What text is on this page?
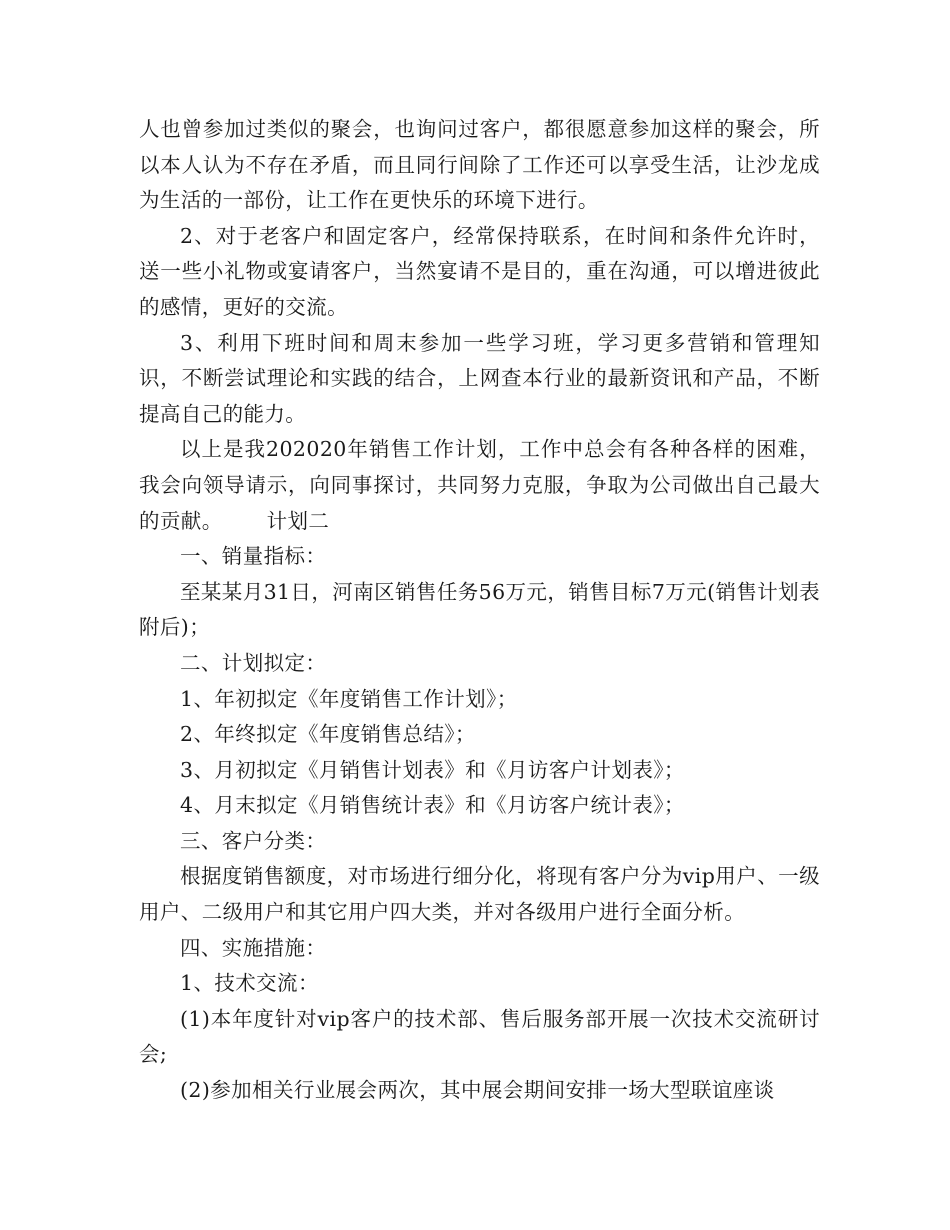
人也曾参加过类似的聚会，也询问过客户，都很愿意参加这样的聚会，所以本人认为不存在矛盾，而且同行间除了工作还可以享受生活，让沙龙成为生活的一部份，让工作在更快乐的环境下进行。

2、对于老客户和固定客户，经常保持联系，在时间和条件允许时，送一些小礼物或宴请客户，当然宴请不是目的，重在沟通，可以增进彼此的感情，更好的交流。

3、利用下班时间和周末参加一些学习班，学习更多营销和管理知识，不断尝试理论和实践的结合，上网查本行业的最新资讯和产品，不断提高自己的能力。

以上是我202020年销售工作计划，工作中总会有各种各样的困难，我会向领导请示，向同事探讨，共同努力克服，争取为公司做出自己最大的贡献。 计划二

一、销量指标：

至某某月31日，河南区销售任务56万元，销售目标7万元(销售计划表附后)；

二、计划拟定：

1、年初拟定《年度销售工作计划》；

2、年终拟定《年度销售总结》；

3、月初拟定《月销售计划表》和《月访客户计划表》；

4、月末拟定《月销售统计表》和《月访客户统计表》；

三、客户分类：

根据度销售额度，对市场进行细分化，将现有客户分为vip用户、一级用户、二级用户和其它用户四大类，并对各级用户进行全面分析。

四、实施措施：

1、技术交流：

(1)本年度针对vip客户的技术部、售后服务部开展一次技术交流研讨会;

(2)参加相关行业展会两次，其中展会期间安排一场大型联谊座谈
